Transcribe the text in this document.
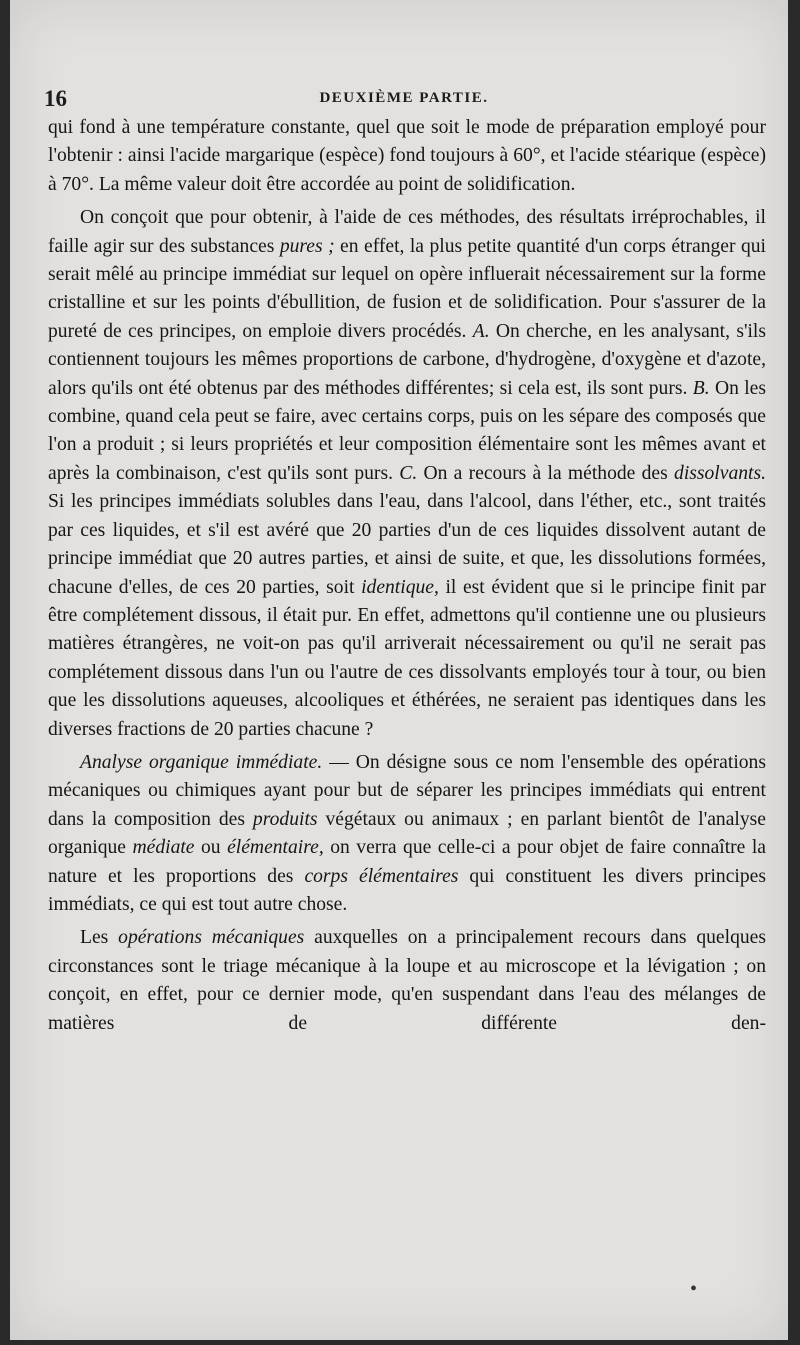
16	DEUXIÈME PARTIE.

qui fond à une température constante, quel que soit le mode de préparation employé pour l'obtenir : ainsi l'acide margarique (espèce) fond toujours à 60°, et l'acide stéarique (espèce) à 70°. La même valeur doit être accordée au point de solidification.

On conçoit que pour obtenir, à l'aide de ces méthodes, des résultats irréprochables, il faille agir sur des substances pures ; en effet, la plus petite quantité d'un corps étranger qui serait mêlé au principe immédiat sur lequel on opère influerait nécessairement sur la forme cristalline et sur les points d'ébullition, de fusion et de solidification. Pour s'assurer de la pureté de ces principes, on emploie divers procédés. A. On cherche, en les analysant, s'ils contiennent toujours les mêmes proportions de carbone, d'hydrogène, d'oxygène et d'azote, alors qu'ils ont été obtenus par des méthodes différentes; si cela est, ils sont purs. B. On les combine, quand cela peut se faire, avec certains corps, puis on les sépare des composés que l'on a produit ; si leurs propriétés et leur composition élémentaire sont les mêmes avant et après la combinaison, c'est qu'ils sont purs. C. On a recours à la méthode des dissolvants. Si les principes immédiats solubles dans l'eau, dans l'alcool, dans l'éther, etc., sont traités par ces liquides, et s'il est avéré que 20 parties d'un de ces liquides dissolvent autant de principe immédiat que 20 autres parties, et ainsi de suite, et que, les dissolutions formées, chacune d'elles, de ces 20 parties, soit identique, il est évident que si le principe finit par être complétement dissous, il était pur. En effet, admettons qu'il contienne une ou plusieurs matières étrangères, ne voit-on pas qu'il arriverait nécessairement ou qu'il ne serait pas complétement dissous dans l'un ou l'autre de ces dissolvants employés tour à tour, ou bien que les dissolutions aqueuses, alcooliques et éthérées, ne seraient pas identiques dans les diverses fractions de 20 parties chacune ?

Analyse organique immédiate. — On désigne sous ce nom l'ensemble des opérations mécaniques ou chimiques ayant pour but de séparer les principes immédiats qui entrent dans la composition des produits végétaux ou animaux ; en parlant bientôt de l'analyse organique médiate ou élémentaire, on verra que celle-ci a pour objet de faire connaître la nature et les proportions des corps élémentaires qui constituent les divers principes immédiats, ce qui est tout autre chose.

Les opérations mécaniques auxquelles on a principalement recours dans quelques circonstances sont le triage mécanique à la loupe et au microscope et la lévigation ; on conçoit, en effet, pour ce dernier mode, qu'en suspendant dans l'eau des mélanges de matières de différente den-

•
